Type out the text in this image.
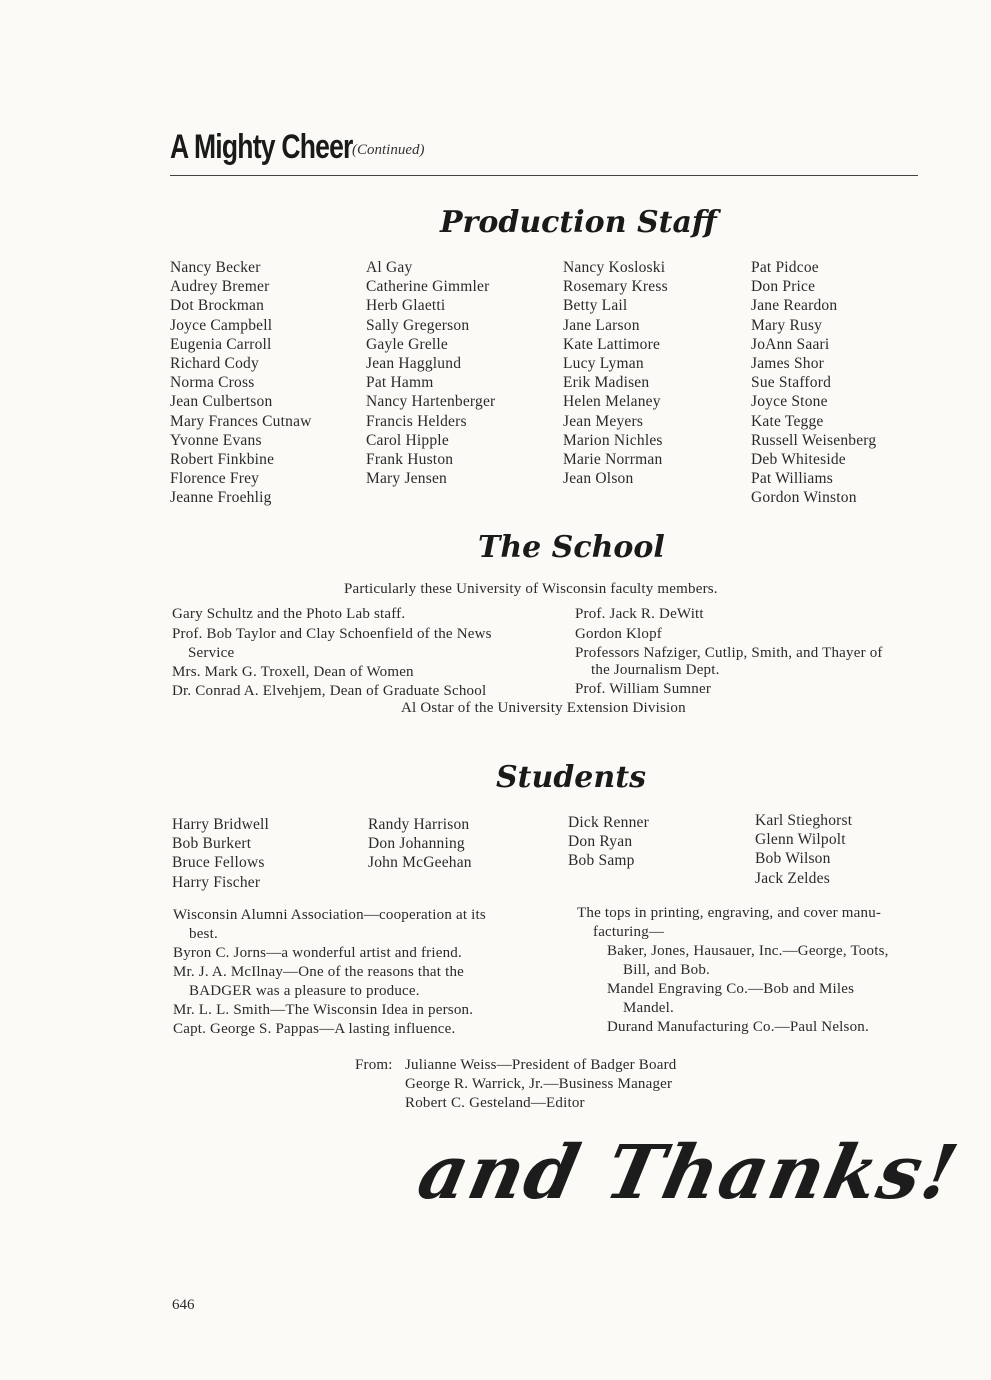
A Mighty Cheer (Continued)
Production Staff
Nancy Becker
Audrey Bremer
Dot Brockman
Joyce Campbell
Eugenia Carroll
Richard Cody
Norma Cross
Jean Culbertson
Mary Frances Cutnaw
Yvonne Evans
Robert Finkbine
Florence Frey
Jeanne Froehlig
Al Gay
Catherine Gimmler
Herb Glaetti
Sally Gregerson
Gayle Grelle
Jean Hagglund
Pat Hamm
Nancy Hartenberger
Francis Helders
Carol Hipple
Frank Huston
Mary Jensen
Nancy Kosloski
Rosemary Kress
Betty Lail
Jane Larson
Kate Lattimore
Lucy Lyman
Erik Madisen
Helen Melaney
Jean Meyers
Marion Nichles
Marie Norrman
Jean Olson
Pat Pidcoe
Don Price
Jane Reardon
Mary Rusy
JoAnn Saari
James Shor
Sue Stafford
Joyce Stone
Kate Tegge
Russell Weisenberg
Deb Whiteside
Pat Williams
Gordon Winston
The School
Particularly these University of Wisconsin faculty members.
Gary Schultz and the Photo Lab staff.
Prof. Bob Taylor and Clay Schoenfield of the News
Service
Mrs. Mark G. Troxell, Dean of Women
Dr. Conrad A. Elvehjem, Dean of Graduate School
Prof. Jack R. DeWitt
Gordon Klopf
Professors Nafziger, Cutlip, Smith, and Thayer of
the Journalism Dept.
Prof. William Sumner
Al Ostar of the University Extension Division
Students
Harry Bridwell
Bob Burkert
Bruce Fellows
Harry Fischer
Randy Harrison
Don Johanning
John McGeehan
Dick Renner
Don Ryan
Bob Samp
Karl Stieghorst
Glenn Wilpolt
Bob Wilson
Jack Zeldes
Wisconsin Alumni Association—cooperation at its
best.
Byron C. Jorns—a wonderful artist and friend.
Mr. J. A. McIlnay—One of the reasons that the
BADGER was a pleasure to produce.
Mr. L. L. Smith—The Wisconsin Idea in person.
Capt. George S. Pappas—A lasting influence.
The tops in printing, engraving, and cover manu-
facturing—
Baker, Jones, Hausauer, Inc.—George, Toots,
Bill, and Bob.
Mandel Engraving Co.—Bob and Miles
Mandel.
Durand Manufacturing Co.—Paul Nelson.
From: Julianne Weiss—President of Badger Board
George R. Warrick, Jr.—Business Manager
Robert C. Gesteland—Editor
and Thanks!
646
